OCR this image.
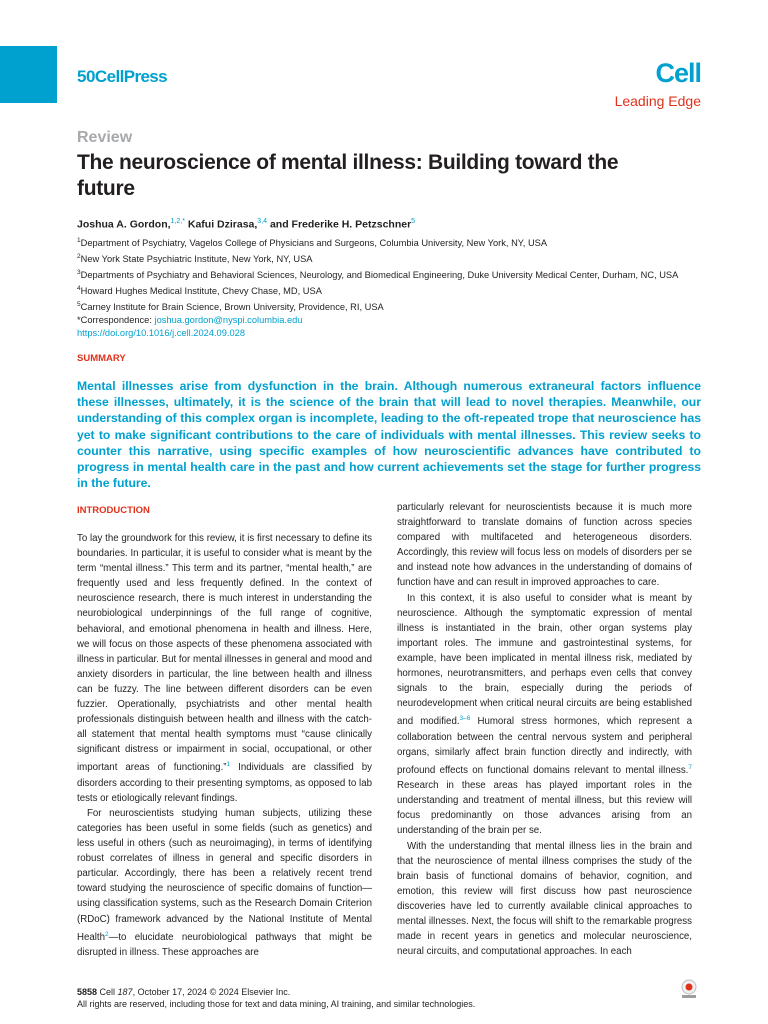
50 CellPress	Cell
Leading Edge
Review
The neuroscience of mental illness: Building toward the future
Joshua A. Gordon,$^{1,2,*}$ Kafui Dzirasa,$^{3,4}$ and Frederike H. Petzschner$^5$
$^1$Department of Psychiatry, Vagelos College of Physicians and Surgeons, Columbia University, New York, NY, USA
$^2$New York State Psychiatric Institute, New York, NY, USA
$^3$Departments of Psychiatry and Behavioral Sciences, Neurology, and Biomedical Engineering, Duke University Medical Center, Durham, NC, USA
$^4$Howard Hughes Medical Institute, Chevy Chase, MD, USA
$^5$Carney Institute for Brain Science, Brown University, Providence, RI, USA
*Correspondence: joshua.gordon@nyspi.columbia.edu
https://doi.org/10.1016/j.cell.2024.09.028
SUMMARY
Mental illnesses arise from dysfunction in the brain. Although numerous extraneural factors influence these illnesses, ultimately, it is the science of the brain that will lead to novel therapies. Meanwhile, our understanding of this complex organ is incomplete, leading to the oft-repeated trope that neuroscience has yet to make significant contributions to the care of individuals with mental illnesses. This review seeks to counter this narrative, using specific examples of how neuroscientific advances have contributed to progress in mental health care in the past and how current achievements set the stage for further progress in the future.
INTRODUCTION

To lay the groundwork for this review, it is first necessary to define its boundaries. In particular, it is useful to consider what is meant by the term “mental illness.” This term and its partner, “mental health,” are frequently used and less frequently defined. In the context of neuroscience research, there is much interest in understanding the neurobiological underpinnings of the full range of cognitive, behavioral, and emotional phenomena in health and illness. Here, we will focus on those aspects of these phenomena associated with illness in particular. But for mental illnesses in general and mood and anxiety disorders in particular, the line between health and illness can be fuzzy. The line between different disorders can be even fuzzier. Operationally, psychiatrists and other mental health professionals distinguish between health and illness with the catch-all statement that mental health symptoms must “cause clinically significant distress or impairment in social, occupational, or other important areas of functioning.”$^1$ Individuals are classified by disorders according to their presenting symptoms, as opposed to lab tests or etiologically relevant findings.

For neuroscientists studying human subjects, utilizing these categories has been useful in some fields (such as genetics) and less useful in others (such as neuroimaging), in terms of identifying robust correlates of illness in general and specific disorders in particular. Accordingly, there has been a relatively recent trend toward studying the neuroscience of specific domains of function—using classification systems, such as the Research Domain Criterion (RDoC) framework advanced by the National Institute of Mental Health$^2$—to elucidate neurobiological pathways that might be disrupted in illness. These approaches are

particularly relevant for neuroscientists because it is much more straightforward to translate domains of function across species compared with multifaceted and heterogeneous disorders. Accordingly, this review will focus less on models of disorders per se and instead note how advances in the understanding of domains of function have and can result in improved approaches to care.

In this context, it is also useful to consider what is meant by neuroscience. Although the symptomatic expression of mental illness is instantiated in the brain, other organ systems play important roles. The immune and gastrointestinal systems, for example, have been implicated in mental illness risk, mediated by hormones, neurotransmitters, and perhaps even cells that convey signals to the brain, especially during the periods of neurodevelopment when critical neural circuits are being established and modified.$^{3-6}$ Humoral stress hormones, which represent a collaboration between the central nervous system and peripheral organs, similarly affect brain function directly and indirectly, with profound effects on functional domains relevant to mental illness.$^7$ Research in these areas has played important roles in the understanding and treatment of mental illness, but this review will focus predominantly on those advances arising from an understanding of the brain per se.

With the understanding that mental illness lies in the brain and that the neuroscience of mental illness comprises the study of the brain basis of functional domains of behavior, cognition, and emotion, this review will first discuss how past neuroscience discoveries have led to currently available clinical approaches to mental illnesses. Next, the focus will shift to the remarkable progress made in recent years in genetics and molecular neuroscience, neural circuits, and computational approaches. In each

5858 Cell 187, October 17, 2024 © 2024 Elsevier Inc.
All rights are reserved, including those for text and data mining, AI training, and similar technologies.
